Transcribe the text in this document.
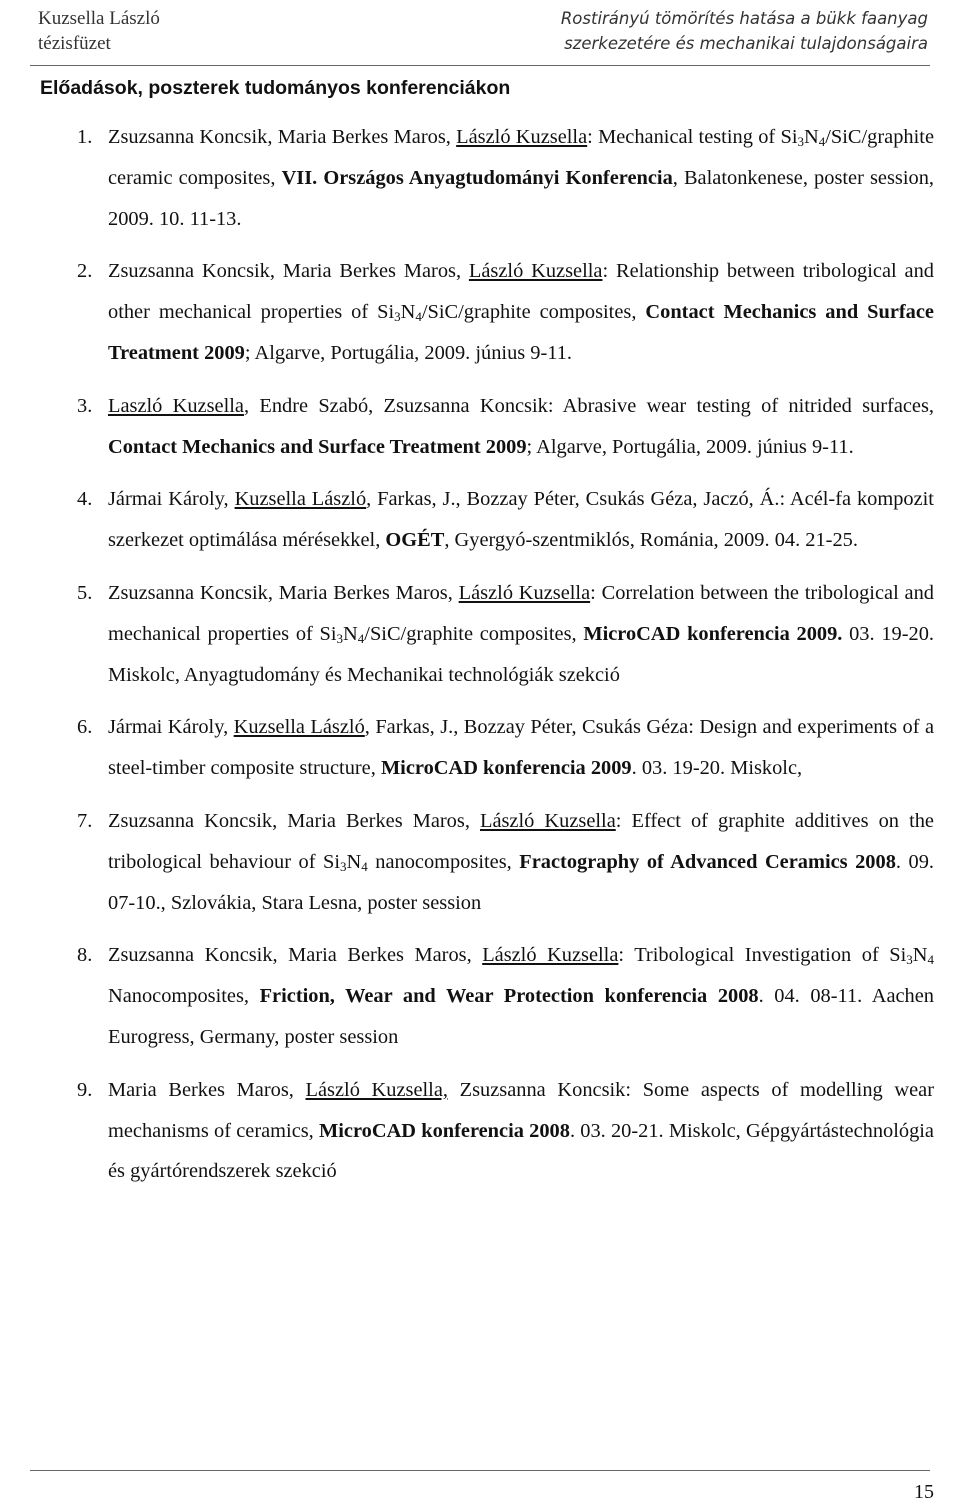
Kuzsella László
tézisfüzet
Rostirányú tömörítés hatása a bükk faanyag
szerkezetére és mechanikai tulajdonságaira
Előadások, poszterek tudományos konferenciákon
1. Zsuzsanna Koncsik, Maria Berkes Maros, László Kuzsella: Mechanical testing of $Si_3N_4/SiC$/graphite ceramic composites, VII. Országos Anyagtudományi Konferencia, Balatonkenese, poster session, 2009. 10. 11-13.
2. Zsuzsanna Koncsik, Maria Berkes Maros, László Kuzsella: Relationship between tribological and other mechanical properties of $Si_3N_4/SiC$/graphite composites, Contact Mechanics and Surface Treatment 2009; Algarve, Portugália, 2009. június 9-11.
3. Laszló Kuzsella, Endre Szabó, Zsuzsanna Koncsik: Abrasive wear testing of nitrided surfaces, Contact Mechanics and Surface Treatment 2009; Algarve, Portugália, 2009. június 9-11.
4. Jármai Károly, Kuzsella László, Farkas, J., Bozzay Péter, Csukás Géza, Jaczó, Á.: Acél-fa kompozit szerkezet optimálása mérésekkel, OGÉT, Gyergyó-szentmiklós, Románia, 2009. 04. 21-25.
5. Zsuzsanna Koncsik, Maria Berkes Maros, László Kuzsella: Correlation between the tribological and mechanical properties of $Si_3N_4/SiC$/graphite composites, MicroCAD konferencia 2009. 03. 19-20. Miskolc, Anyagtudomány és Mechanikai technológiák szekció
6. Jármai Károly, Kuzsella László, Farkas, J., Bozzay Péter, Csukás Géza: Design and experiments of a steel-timber composite structure, MicroCAD konferencia 2009. 03. 19-20. Miskolc,
7. Zsuzsanna Koncsik, Maria Berkes Maros, László Kuzsella: Effect of graphite additives on the tribological behaviour of $Si_3N_4$ nanocomposites, Fractography of Advanced Ceramics 2008. 09. 07-10., Szlovákia, Stara Lesna, poster session
8. Zsuzsanna Koncsik, Maria Berkes Maros, László Kuzsella: Tribological Investigation of $Si_3N_4$ Nanocomposites, Friction, Wear and Wear Protection konferencia 2008. 04. 08-11. Aachen Eurogress, Germany, poster session
9. Maria Berkes Maros, László Kuzsella, Zsuzsanna Koncsik: Some aspects of modelling wear mechanisms of ceramics, MicroCAD konferencia 2008. 03. 20-21. Miskolc, Gépgyártástechnológia és gyártórendszerek szekció
15
